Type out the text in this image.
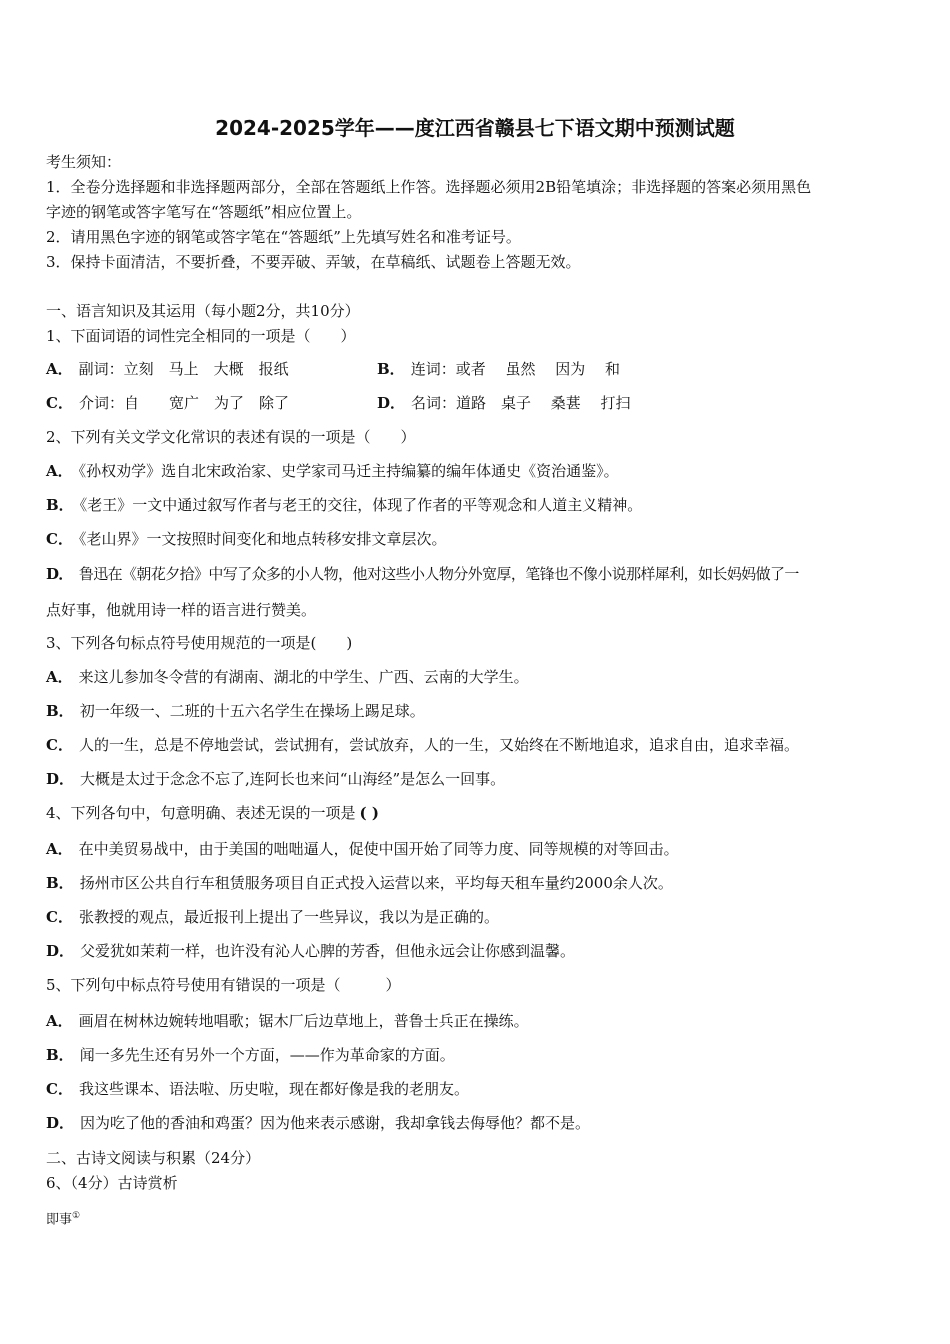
2024-2025学年——度江西省赣县七下语文期中预测试题
考生须知：
1．全卷分选择题和非选择题两部分，全部在答题纸上作答。选择题必须用2B铅笔填涂；非选择题的答案必须用黑色
字迹的钢笔或答字笔写在“答题纸”相应位置上。
2．请用黑色字迹的钢笔或答字笔在“答题纸”上先填写姓名和准考证号。
3．保持卡面清洁，不要折叠，不要弄破、弄皱，在草稿纸、试题卷上答题无效。
一、语言知识及其运用（每小题2分，共10分）
1、下面词语的词性完全相同的一项是（　　）
A． 副词：立刻　马上　大概　报纸	B． 连词：或者　 虽然　 因为　 和
C． 介词：自　　宽广　为了　除了	D． 名词：道路　桌子　 桑葚　 打扫
2、下列有关文学文化常识的表述有误的一项是（　　）
A． 《孙权劝学》选自北宋政治家、史学家司马迁主持编纂的编年体通史《资治通鉴》。
B． 《老王》一文中通过叙写作者与老王的交往，体现了作者的平等观念和人道主义精神。
C． 《老山界》一文按照时间变化和地点转移安排文章层次。
D． 鲁迅在《朝花夕拾》中写了众多的小人物，他对这些小人物分外宽厚，笔锋也不像小说那样犀利，如长妈妈做了一
点好事，他就用诗一样的语言进行赞美。
3、下列各句标点符号使用规范的一项是(　　)
A． 来这儿参加冬令营的有湖南、湖北的中学生、广西、云南的大学生。
B． 初一年级一、二班的十五六名学生在操场上踢足球。
C． 人的一生，总是不停地尝试，尝试拥有，尝试放弃，人的一生，又始终在不断地追求，追求自由，追求幸福。
D． 大概是太过于念念不忘了,连阿长也来问“山海经”是怎么一回事。
4、下列各句中，句意明确、表述无误的一项是 ( )
A． 在中美贸易战中，由于美国的咄咄逼人，促使中国开始了同等力度、同等规模的对等回击。
B． 扬州市区公共自行车租赁服务项目自正式投入运营以来，平均每天租车量约2000余人次。
C． 张教授的观点，最近报刊上提出了一些异议，我以为是正确的。
D． 父爱犹如茉莉一样，也许没有沁人心脾的芳香，但他永远会让你感到温馨。
5、下列句中标点符号使用有错误的一项是（　　　）
A． 画眉在树林边婉转地唱歌；锯木厂后边草地上，普鲁士兵正在操练。
B． 闻一多先生还有另外一个方面，——作为革命家的方面。
C． 我这些课本、语法啦、历史啦，现在都好像是我的老朋友。
D． 因为吃了他的香油和鸡蛋？因为他来表示感谢，我却拿钱去侮辱他？都不是。
二、古诗文阅读与积累（24分）
6、（4分）古诗赏析
即事①
